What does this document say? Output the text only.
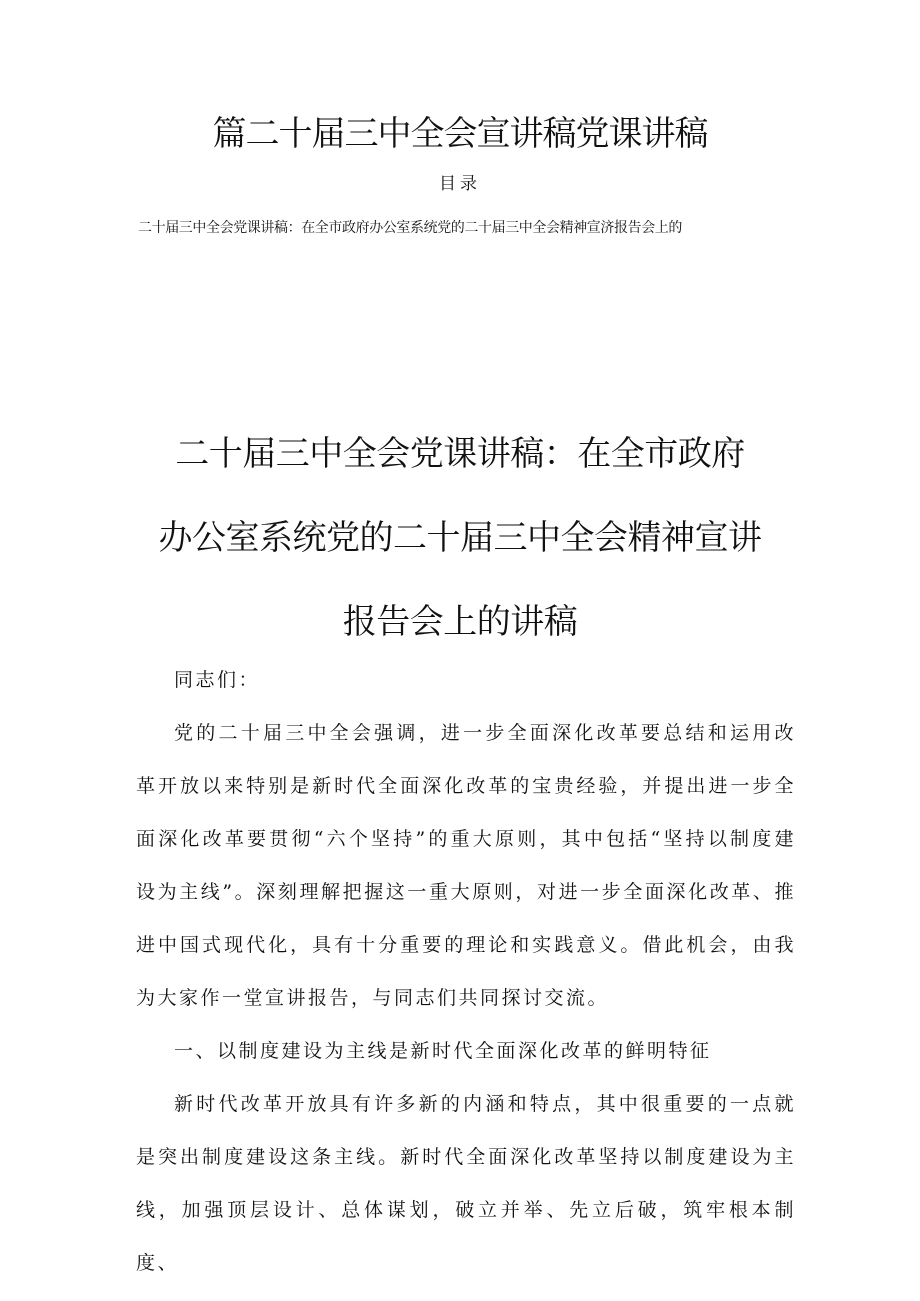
篇二十届三中全会宣讲稿党课讲稿
目录
二十届三中全会党课讲稿：在全市政府办公室系统党的二十届三中全会精神宣济报告会上的
二十届三中全会党课讲稿：在全市政府
办公室系统党的二十届三中全会精神宣讲
报告会上的讲稿

同志们：

党的二十届三中全会强调，进一步全面深化改革要总结和运用改革开放以来特别是新时代全面深化改革的宝贵经验，并提出进一步全面深化改革要贯彻“六个坚持”的重大原则，其中包括“坚持以制度建设为主线”。深刻理解把握这一重大原则，对进一步全面深化改革、推进中国式现代化，具有十分重要的理论和实践意义。借此机会，由我为大家作一堂宣讲报告，与同志们共同探讨交流。

一、以制度建设为主线是新时代全面深化改革的鲜明特征

新时代改革开放具有许多新的内涵和特点，其中很重要的一点就是突出制度建设这条主线。新时代全面深化改革坚持以制度建设为主线，加强顶层设计、总体谋划，破立并举、先立后破，筑牢根本制度、
